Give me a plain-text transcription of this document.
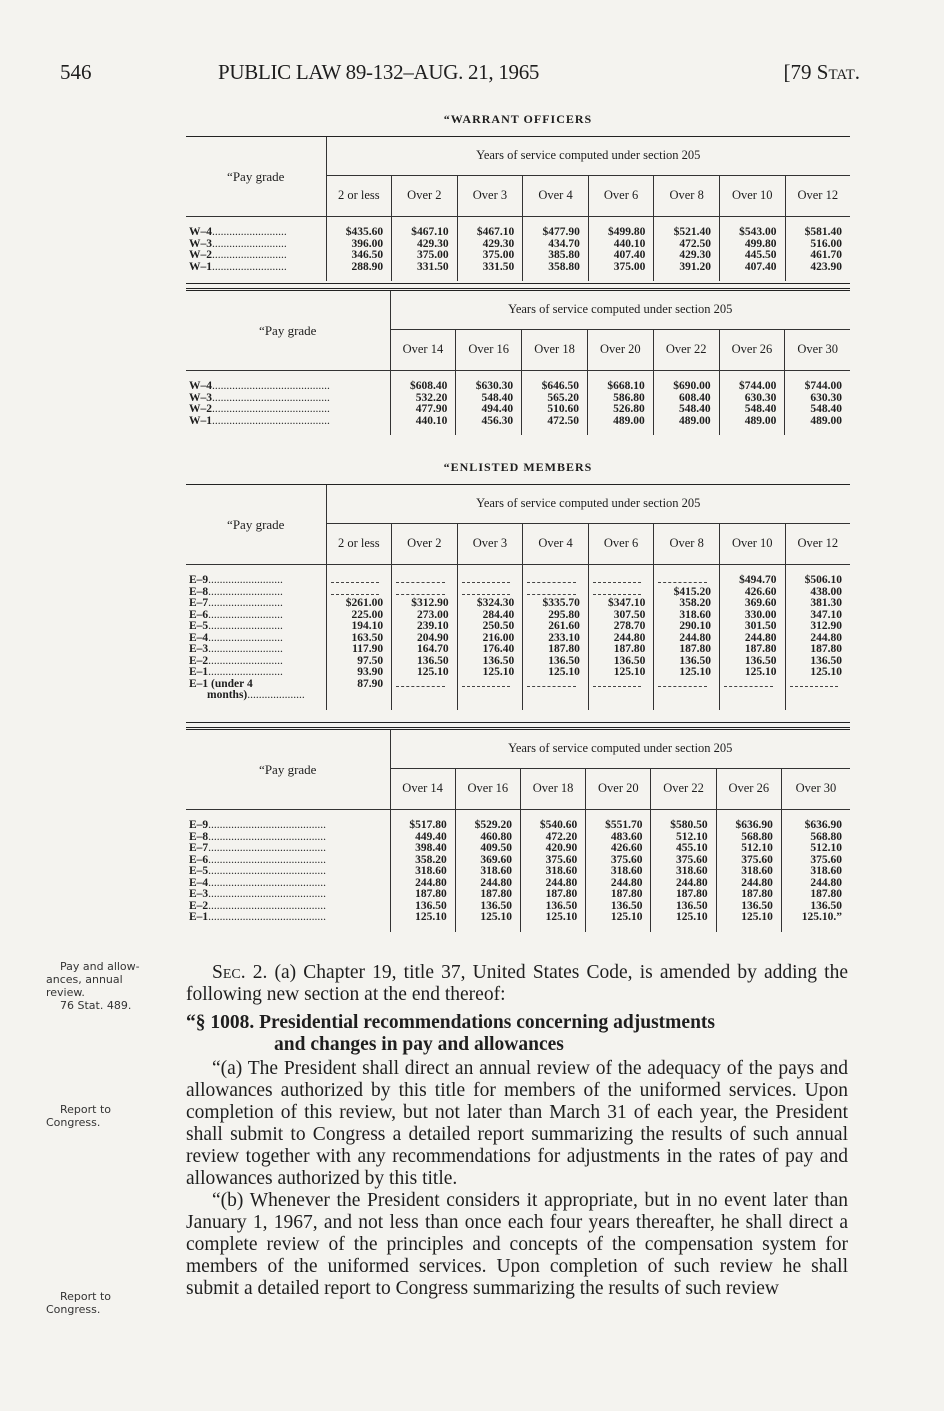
546	PUBLIC LAW 89-132–AUG. 21, 1965	[79 Stat.
“WARRANT OFFICERS
“Pay grade	Years of service computed under section 205							
	2 or less	Over 2	Over 3	Over 4	Over 6	Over 8	Over 10	Over 12

W–4..........................	$435.60	$467.10	$467.10	$477.90	$499.80	$521.40	$543.00	$581.40
W–3..........................	396.00	429.30	429.30	434.70	440.10	472.50	499.80	516.00
W–2..........................	346.50	375.00	375.00	385.80	407.40	429.30	445.50	461.70
W–1..........................	288.90	331.50	331.50	358.80	375.00	391.20	407.40	423.90
“Pay grade	Years of service computed under section 205						
	Over 14	Over 16	Over 18	Over 20	Over 22	Over 26	Over 30

W–4.........................................	$608.40	$630.30	$646.50	$668.10	$690.00	$744.00	$744.00
W–3.........................................	532.20	548.40	565.20	586.80	608.40	630.30	630.30
W–2.........................................	477.90	494.40	510.60	526.80	548.40	548.40	548.40
W–1.........................................	440.10	456.30	472.50	489.00	489.00	489.00	489.00
“ENLISTED MEMBERS
“Pay grade	Years of service computed under section 205							
	2 or less	Over 2	Over 3	Over 4	Over 6	Over 8	Over 10	Over 12

E–9..........................							$494.70	$506.10
E–8..........................						$415.20	426.60	438.00
E–7..........................	$261.00	$312.90	$324.30	$335.70	$347.10	358.20	369.60	381.30
E–6..........................	225.00	273.00	284.40	295.80	307.50	318.60	330.00	347.10
E–5..........................	194.10	239.10	250.50	261.60	278.70	290.10	301.50	312.90
E–4..........................	163.50	204.90	216.00	233.10	244.80	244.80	244.80	244.80
E–3..........................	117.90	164.70	176.40	187.80	187.80	187.80	187.80	187.80
E–2..........................	97.50	136.50	136.50	136.50	136.50	136.50	136.50	136.50
E–1..........................	93.90	125.10	125.10	125.10	125.10	125.10	125.10	125.10
E–1 (under 4
months)....................	87.90	

“Pay grade	Years of service computed under section 205						
	Over 14	Over 16	Over 18	Over 20	Over 22	Over 26	Over 30

E–9.........................................	$517.80	$529.20	$540.60	$551.70	$580.50	$636.90	$636.90
E–8.........................................	449.40	460.80	472.20	483.60	512.10	568.80	568.80
E–7.........................................	398.40	409.50	420.90	426.60	455.10	512.10	512.10
E–6.........................................	358.20	369.60	375.60	375.60	375.60	375.60	375.60
E–5.........................................	318.60	318.60	318.60	318.60	318.60	318.60	318.60
E–4.........................................	244.80	244.80	244.80	244.80	244.80	244.80	244.80
E–3.........................................	187.80	187.80	187.80	187.80	187.80	187.80	187.80
E–2.........................................	136.50	136.50	136.50	136.50	136.50	136.50	136.50
E–1.........................................	125.10	125.10	125.10	125.10	125.10	125.10	125.10.”
Pay and allow-
ances, annual
review.
76 Stat. 489.
Report to
Congress.
Report to
Congress.

Sec. 2. (a) Chapter 19, title 37, United States Code, is amended by adding the following new section at the end thereof:

“§ 1008. Presidential recommendations concerning adjustments
and changes in pay and allowances

“(a) The President shall direct an annual review of the adequacy of the pays and allowances authorized by this title for members of the uniformed services. Upon completion of this review, but not later than March 31 of each year, the President shall submit to Congress a detailed report summarizing the results of such annual review together with any recommendations for adjustments in the rates of pay and allowances authorized by this title.

“(b) Whenever the President considers it appropriate, but in no event later than January 1, 1967, and not less than once each four years thereafter, he shall direct a complete review of the principles and concepts of the compensation system for members of the uniformed services. Upon completion of such review he shall submit a detailed report to Congress summarizing the results of such review
